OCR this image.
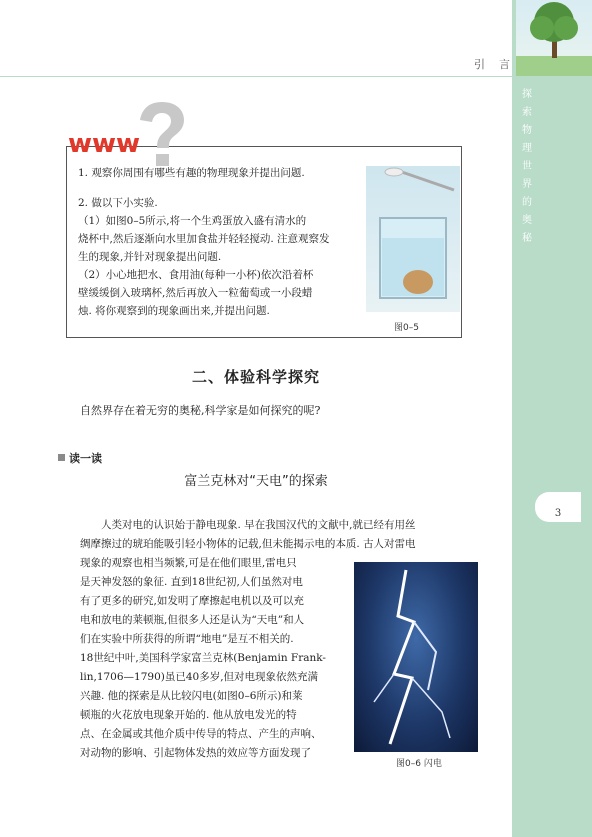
引言
探索物理世界的奥秘
3
www

1. 观察你周围有哪些有趣的物理现象并提出问题.

2. 做以下小实验.

（1）如图0–5所示,将一个生鸡蛋放入盛有清水的

烧杯中,然后逐渐向水里加食盐并轻轻搅动. 注意观察发

生的现象,并针对现象提出问题.

（2）小心地把水、食用油(每种一小杯)依次沿着杯

壁缓缓倒入玻璃杯,然后再放入一粒葡萄或一小段蜡

烛. 将你观察到的现象画出来,并提出问题.

图0–5
二、体验科学探究
自然界存在着无穷的奥秘,科学家是如何探究的呢?
读一读
富兰克林对“天电”的探索
人类对电的认识始于静电现象. 早在我国汉代的文献中,就已经有用丝
绸摩擦过的琥珀能吸引轻小物体的记载,但未能揭示电的本质. 古人对雷电
现象的观察也相当频繁,可是在他们眼里,雷电只
是天神发怒的象征. 直到18世纪初,人们虽然对电
有了更多的研究,如发明了摩擦起电机以及可以充
电和放电的莱顿瓶,但很多人还是认为“天电”和人
们在实验中所获得的所谓“地电”是互不相关的.
18世纪中叶,美国科学家富兰克林(Benjamin Frank-
lin,1706—1790)虽已40多岁,但对电现象依然充满
兴趣. 他的探索是从比较闪电(如图0–6所示)和莱
顿瓶的火花放电现象开始的. 他从放电发光的特
点、在金属或其他介质中传导的特点、产生的声响、
对动物的影响、引起物体发热的效应等方面发现了
图0–6 闪电
